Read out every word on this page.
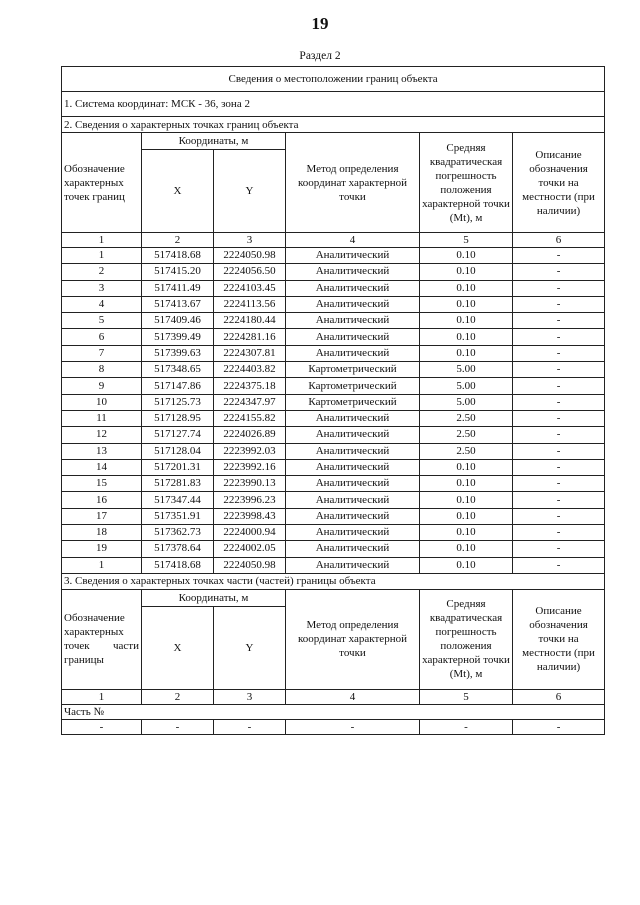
19
Раздел 2
Сведения о местоположении границ объекта					
1. Система координат: МСК - 36, зона 2					
2. Сведения о характерных точках границ объекта					
Обозначение характерных точек границ	Координаты, м		Метод определения координат характерной точки	Средняя квадратическая погрешность положения характерной точки (Mt), м	Описание обозначения точки на местности (при наличии)
	X	Y			
1	2	3	4	5	6
1	517418.68	2224050.98	Аналитический	0.10	-
2	517415.20	2224056.50	Аналитический	0.10	-
3	517411.49	2224103.45	Аналитический	0.10	-
4	517413.67	2224113.56	Аналитический	0.10	-
5	517409.46	2224180.44	Аналитический	0.10	-
6	517399.49	2224281.16	Аналитический	0.10	-
7	517399.63	2224307.81	Аналитический	0.10	-
8	517348.65	2224403.82	Картометрический	5.00	-
9	517147.86	2224375.18	Картометрический	5.00	-
10	517125.73	2224347.97	Картометрический	5.00	-
11	517128.95	2224155.82	Аналитический	2.50	-
12	517127.74	2224026.89	Аналитический	2.50	-
13	517128.04	2223992.03	Аналитический	2.50	-
14	517201.31	2223992.16	Аналитический	0.10	-
15	517281.83	2223990.13	Аналитический	0.10	-
16	517347.44	2223996.23	Аналитический	0.10	-
17	517351.91	2223998.43	Аналитический	0.10	-
18	517362.73	2224000.94	Аналитический	0.10	-
19	517378.64	2224002.05	Аналитический	0.10	-
1	517418.68	2224050.98	Аналитический	0.10	-
3. Сведения о характерных точках части (частей) границы объекта					

Обозначение характерных точек части границы	Координаты, м		Метод определения координат характерной точки	Средняя квадратическая погрешность положения характерной точки (Mt), м	Описание обозначения точки на местности (при наличии)
	X	Y			
1	2	3	4	5	6
Часть №					
-	-	-	-	-	-
